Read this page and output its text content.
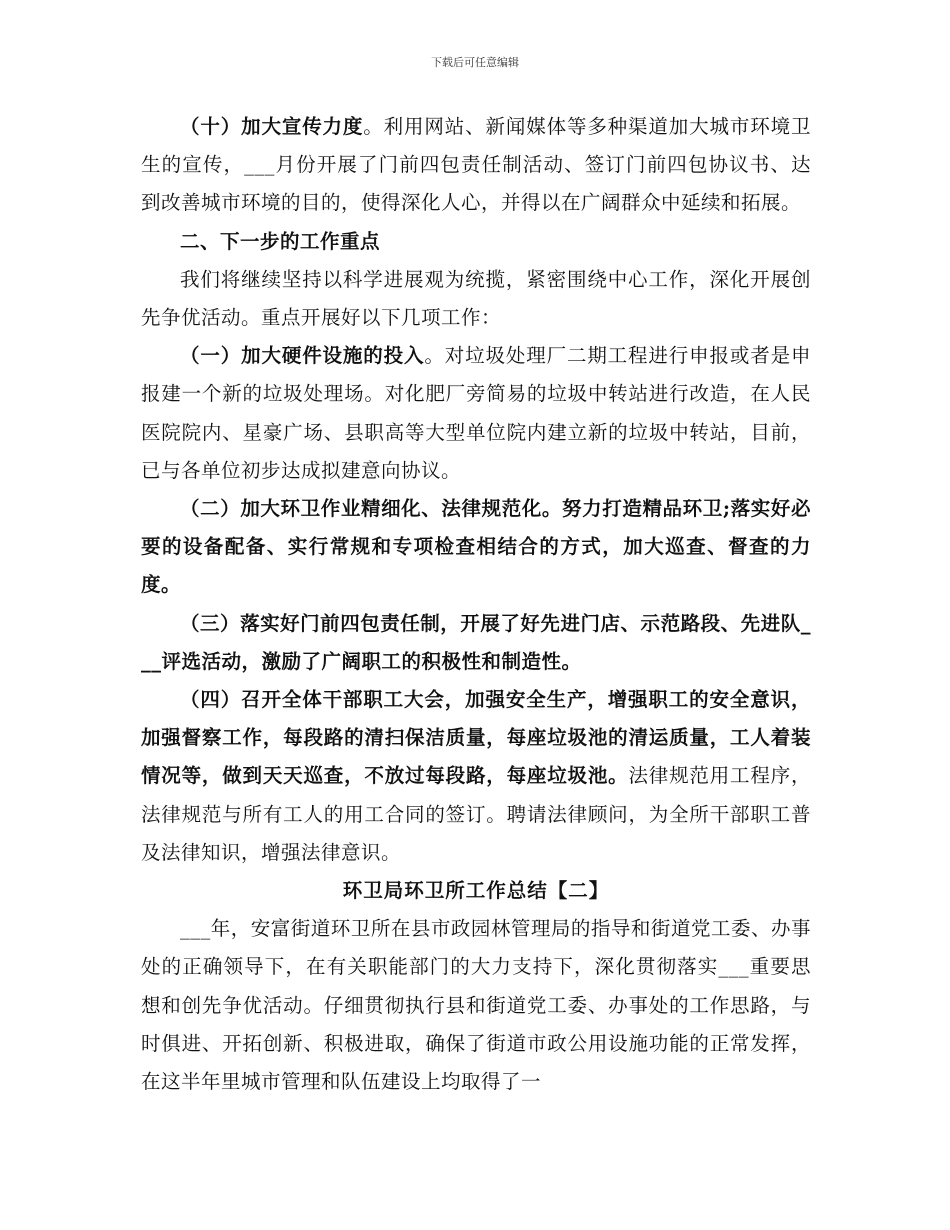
下载后可任意编辑

（十）加大宣传力度。利用网站、新闻媒体等多种渠道加大城市环境卫生的宣传，___月份开展了门前四包责任制活动、签订门前四包协议书、达到改善城市环境的目的，使得深化人心，并得以在广阔群众中延续和拓展。

二、下一步的工作重点

我们将继续坚持以科学进展观为统揽，紧密围绕中心工作，深化开展创先争优活动。重点开展好以下几项工作：

（一）加大硬件设施的投入。对垃圾处理厂二期工程进行申报或者是申报建一个新的垃圾处理场。对化肥厂旁简易的垃圾中转站进行改造，在人民医院院内、星豪广场、县职高等大型单位院内建立新的垃圾中转站，目前，已与各单位初步达成拟建意向协议。

（二）加大环卫作业精细化、法律规范化。努力打造精品环卫;落实好必要的设备配备、实行常规和专项检查相结合的方式，加大巡查、督查的力度。

（三）落实好门前四包责任制，开展了好先进门店、示范路段、先进队___评选活动，激励了广阔职工的积极性和制造性。

（四）召开全体干部职工大会，加强安全生产，增强职工的安全意识，加强督察工作，每段路的清扫保洁质量，每座垃圾池的清运质量，工人着装情况等，做到天天巡查，不放过每段路，每座垃圾池。法律规范用工程序，法律规范与所有工人的用工合同的签订。聘请法律顾问，为全所干部职工普及法律知识，增强法律意识。

环卫局环卫所工作总结【二】

___年，安富街道环卫所在县市政园林管理局的指导和街道党工委、办事处的正确领导下，在有关职能部门的大力支持下，深化贯彻落实___重要思想和创先争优活动。仔细贯彻执行县和街道党工委、办事处的工作思路，与时俱进、开拓创新、积极进取，确保了街道市政公用设施功能的正常发挥，在这半年里城市管理和队伍建设上均取得了一
